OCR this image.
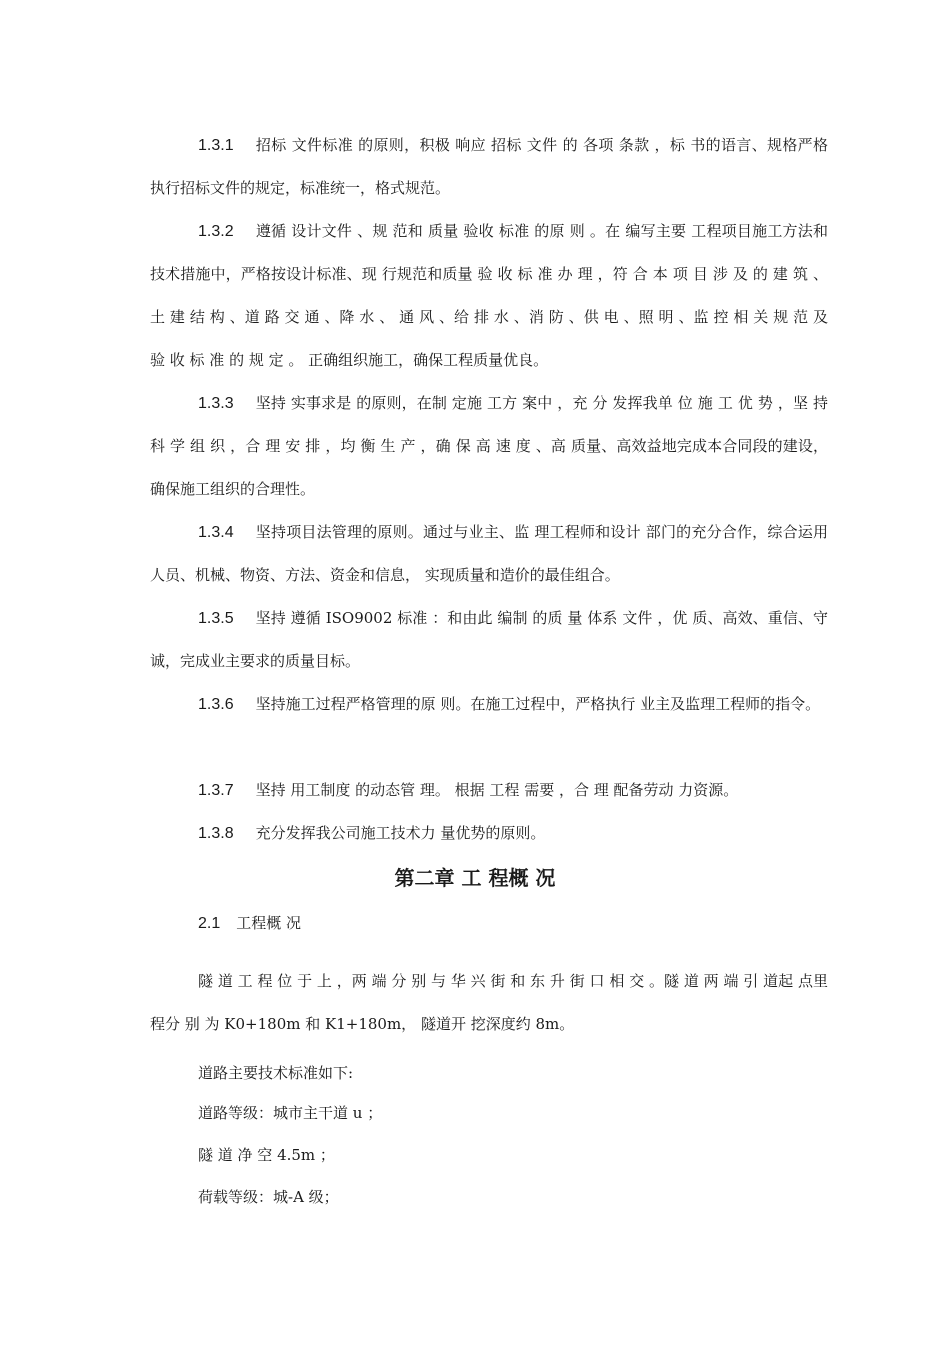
1.3.1 招标 文件标准 的原则，积极 响应 招标 文件 的 各项 条款 ，标 书的语言、规格严格执行招标文件的规定，标准统一，格式规范。

1.3.2 遵循 设计文件 、规 范和 质量 验收 标准 的原 则 。在 编写主要 工程项目施工方法和技术措施中，严格按设计标准、现 行规范和质量 验 收 标 准 办 理 ，符 合 本 项 目 涉 及 的 建 筑 、土 建 结 构 、道 路 交 通 、降 水 、 通 风 、给 排 水 、消 防 、供 电 、照 明 、监 控 相 关 规 范 及 验 收 标 准 的 规 定 。 正确组织施工，确保工程质量优良。

1.3.3 坚持 实事求是 的原则，在制 定施 工方 案中 ，充 分 发挥我单 位 施 工 优 势 ，坚 持 科 学 组 织 ，合 理 安 排 ，均 衡 生 产 ，确 保 高 速 度 、高 质量、高效益地完成本合同段的建设，确保施工组织的合理性。

1.3.4 坚持项目法管理的原则。通过与业主、监 理工程师和设计 部门的充分合作，综合运用人员、机械、物资、方法、资金和信息， 实现质量和造价的最佳组合。

1.3.5 坚持 遵循 ISO9002 标准 ：和由此 编制 的质 量 体系 文件 ，优 质、高效、重信、守诚，完成业主要求的质量目标。

1.3.6 坚持施工过程严格管理的原 则。在施工过程中，严格执行 业主及监理工程师的指令。

1.3.7 坚持 用工制度 的动态管 理。 根据 工程 需要 ，合 理 配备劳动 力资源。

1.3.8 充分发挥我公司施工技术力 量优势的原则。

第二章 工 程概 况

2.1 工程概 况

隧 道 工 程 位 于 上 ，两 端 分 别 与 华 兴 街 和 东 升 街 口 相 交 。隧 道 两 端 引 道起 点里 程分 别 为 K0+180m 和 K1+180m， 隧道开 挖深度约 8m。

道路主要技术标准如下:

道路等级：城市主干道 u ；

隧 道 净 空 4.5m ；

荷载等级：城-A 级；
